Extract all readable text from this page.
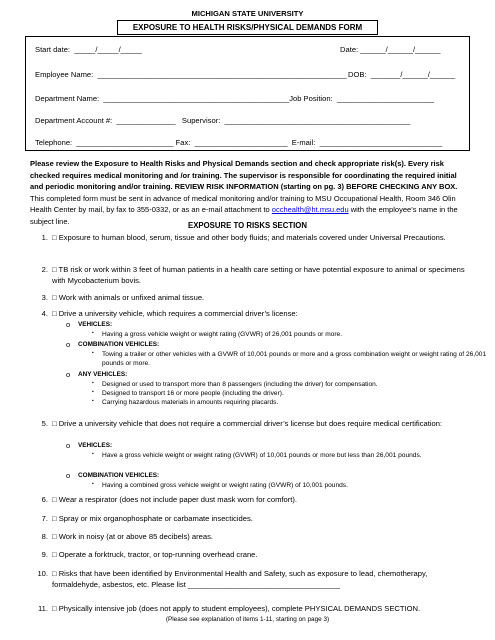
MICHIGAN STATE UNIVERSITY
EXPOSURE TO HEALTH RISKS/PHYSICAL DEMANDS FORM
Start date:  _____/_____/_____	Date: ______/______/______
Employee Name:  ___________________________________________________________ DOB:  _______/______/______
Department Name:  ____________________________________________Job Position:  _______________________
Department Account #:  ______________   Supervisor:  ____________________________________________
Telephone:  _______________________ Fax:  ______________________  E-mail:  _____________________________
Please review the Exposure to Health Risks and Physical Demands section and check appropriate risk(s). Every risk checked requires medical monitoring and /or training. The supervisor is responsible for coordinating the required initial and periodic monitoring and/or training. REVIEW RISK INFORMATION (starting on pg. 3) BEFORE CHECKING ANY BOX. This completed form must be sent in advance of medical monitoring and/or training to MSU Occupational Health, Room 346 Olin Health Center by mail, by fax to 355-0332, or as an e-mail attachment to occhealth@ht.msu.edu with the employee’s name in the subject line.	EXPOSURE TO RISKS SECTION
1. □ Exposure to human blood, serum, tissue and other body fluids; and materials covered under Universal Precautions.
2. □ TB risk or work within 3 feet of human patients in a health care setting or have potential exposure to animal or specimens with Mycobacterium bovis.
3. □ Work with animals or unfixed animal tissue.
4. □ Drive a university vehicle, which requires a commercial driver’s license:
o VEHICLES:
▪ Having a gross vehicle weight or weight rating (GVWR) of 26,001 pounds or more.
o COMBINATION VEHICLES:
▪ Towing a trailer or other vehicles with a GVWR of 10,001 pounds or more and a gross combination weight or weight rating of 26,001 pounds or more.
o ANY VEHICLES:
▪ Designed or used to transport more than 8 passengers (including the driver) for compensation.
▪ Designed to transport 16 or more people (including the driver).
▪ Carrying hazardous materials in amounts requiring placards.
5. □ Drive a university vehicle that does not require a commercial driver’s license but does require medical certification:
o VEHICLES:
▪ Have a gross vehicle weight or weight rating (GVWR) of 10,001 pounds or more but less than 26,001 pounds.
o COMBINATION VEHICLES:
▪ Having a combined gross vehicle weight or weight rating (GVWR) of 10,001 pounds.
6. □ Wear a respirator (does not include paper dust mask worn for comfort).
7. □ Spray or mix organophosphate or carbamate insecticides.
8. □ Work in noisy (at or above 85 decibels) areas.
9. □ Operate a forktruck, tractor, or top-running overhead crane.
10. □ Risks that have been identified by Environmental Health and Safety, such as exposure to lead, chemotherapy, formaldehyde, asbestos, etc. Please list ____________________________________
11. □ Physically intensive job (does not apply to student employees), complete PHYSICAL DEMANDS SECTION.
(Please see explanation of items 1-11, starting on page 3)
